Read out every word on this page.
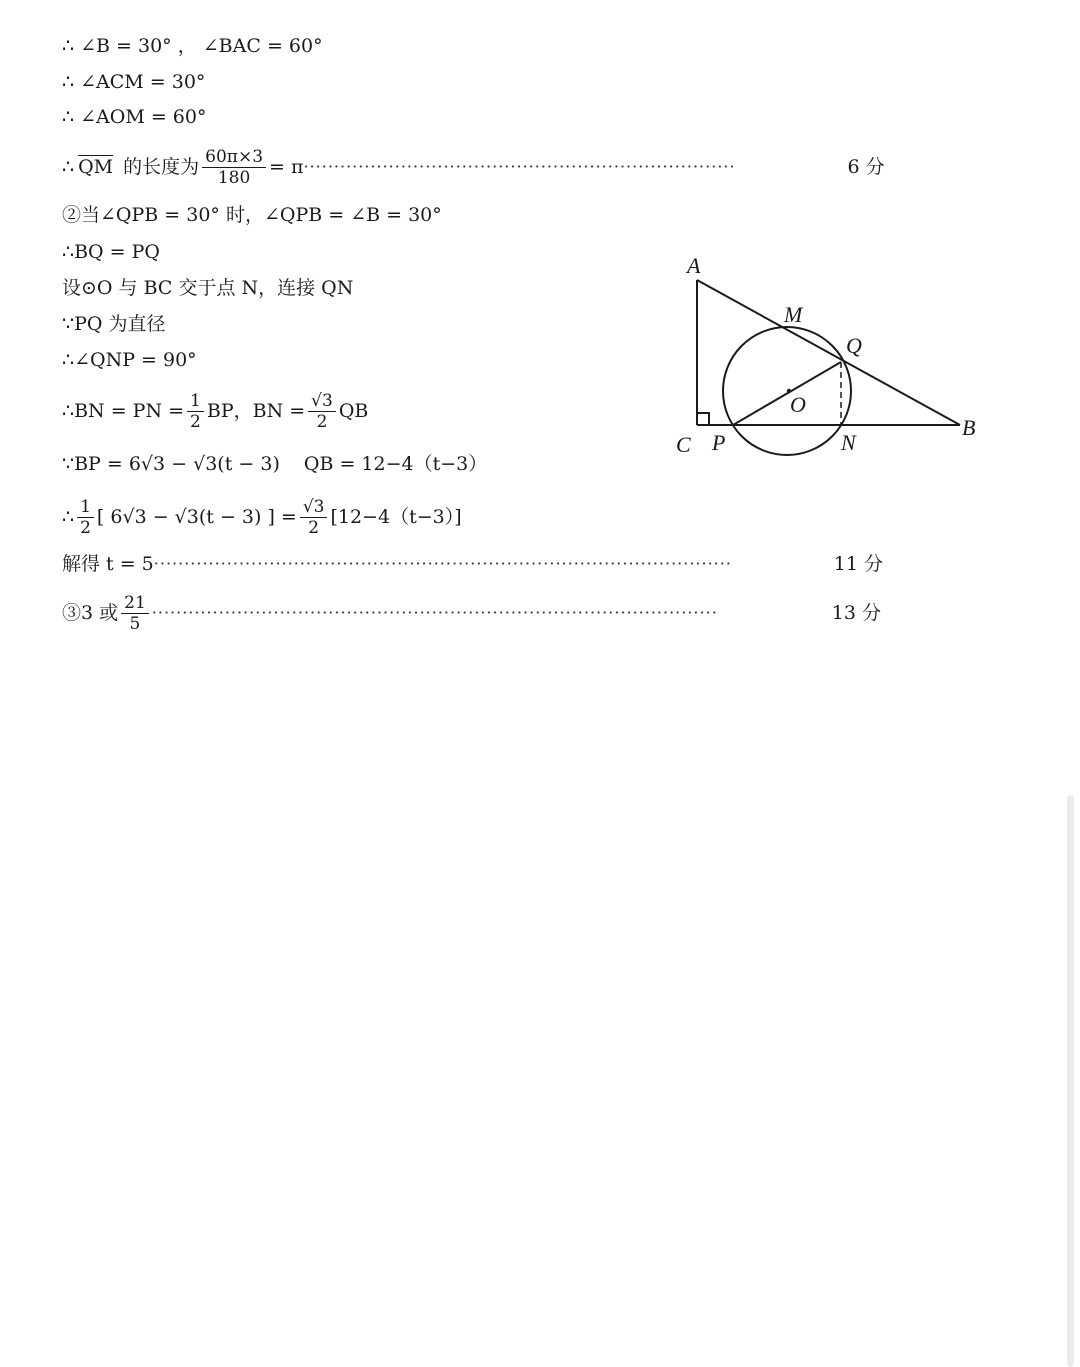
∴ ∠B = 30° ， ∠BAC = 60°
∴ ∠ACM = 30°
∴ ∠AOM = 60°
∴ $\overline{QM}$ 的长度为 $\frac{60\pi\times 3}{180} = \pi$ ·······································································	6 分
②当∠QPB = 30° 时，∠QPB = ∠B = 30°
∴BQ = PQ
设⊙O 与 BC 交于点 N，连接 QN
∵PQ 为直径
∴∠QNP = 90°
∴BN = PN = $\frac{1}{2}$ BP，BN = $\frac{√3}{2}$ QB
∵BP = 6√3 − √3(t − 3) QB = 12−4（t−3）
∴ $\frac{1}{2}$ [ 6√3 − √3(t − 3) ] = $\frac{√3}{2} [12-4(t-3)]$
解得 t = 5 ·······························································································	11 分
③3 或 $\frac{21}{5}$ ·····························································································	13 分
A
M
Q
O
B
C P	N
